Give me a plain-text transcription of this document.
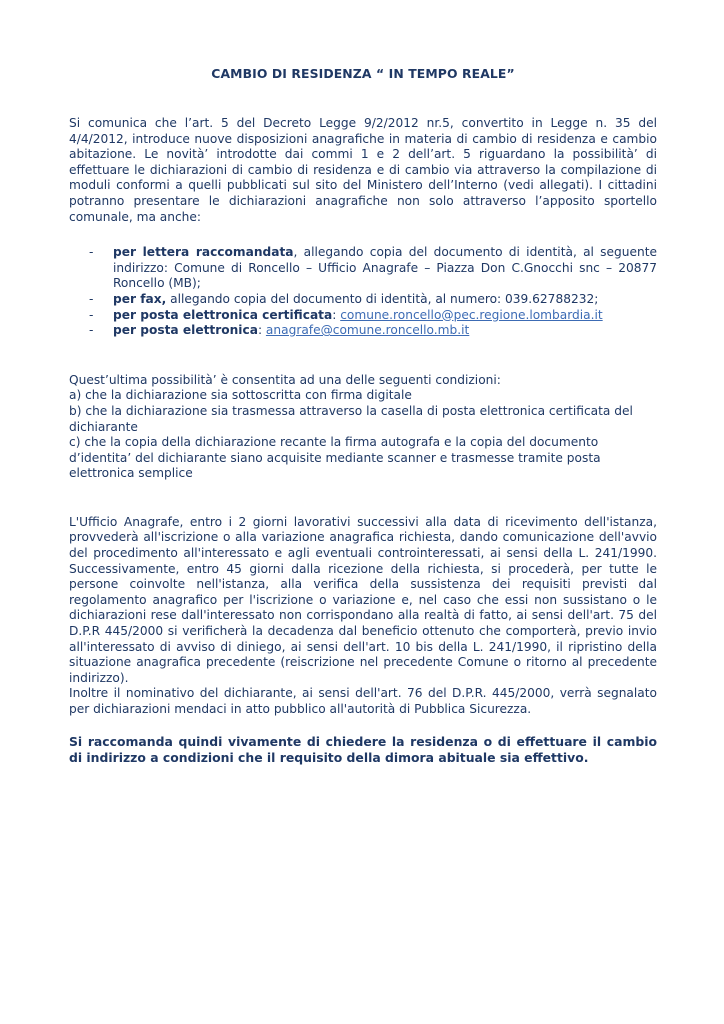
CAMBIO DI RESIDENZA “ IN TEMPO REALE”

Si comunica che l’art. 5 del Decreto Legge 9/2/2012 nr.5, convertito in Legge n. 35 del 4/4/2012, introduce nuove disposizioni anagrafiche in materia di cambio di residenza e cambio abitazione. Le novità’ introdotte dai commi 1 e 2 dell’art. 5 riguardano la possibilità’ di effettuare le dichiarazioni di cambio di residenza e di cambio via attraverso la compilazione di moduli conformi a quelli pubblicati sul sito del Ministero dell’Interno (vedi allegati). I cittadini potranno presentare le dichiarazioni anagrafiche non solo attraverso l’apposito sportello comunale, ma anche:

- per lettera raccomandata, allegando copia del documento di identità, al seguente indirizzo: Comune di Roncello – Ufficio Anagrafe – Piazza Don C.Gnocchi snc – 20877 Roncello (MB);
- per fax, allegando copia del documento di identità, al numero: 039.62788232;
- per posta elettronica certificata: comune.roncello@pec.regione.lombardia.it
- per posta elettronica: anagrafe@comune.roncello.mb.it

Quest’ultima possibilità’ è consentita ad una delle seguenti condizioni:

a) che la dichiarazione sia sottoscritta con firma digitale

b) che la dichiarazione sia trasmessa attraverso la casella di posta elettronica certificata del dichiarante

c) che la copia della dichiarazione recante la firma autografa e la copia del documento d’identita’ del dichiarante siano acquisite mediante scanner e trasmesse tramite posta elettronica semplice

L'Ufficio Anagrafe, entro i 2 giorni lavorativi successivi alla data di ricevimento dell'istanza, provvederà all'iscrizione o alla variazione anagrafica richiesta, dando comunicazione dell'avvio del procedimento all'interessato e agli eventuali controinteressati, ai sensi della L. 241/1990. Successivamente, entro 45 giorni dalla ricezione della richiesta, si procederà, per tutte le persone coinvolte nell'istanza, alla verifica della sussistenza dei requisiti previsti dal regolamento anagrafico per l'iscrizione o variazione e, nel caso che essi non sussistano o le dichiarazioni rese dall'interessato non corrispondano alla realtà di fatto, ai sensi dell'art. 75 del D.P.R 445/2000 si verificherà la decadenza dal beneficio ottenuto che comporterà, previo invio all'interessato di avviso di diniego, ai sensi dell'art. 10 bis della L. 241/1990, il ripristino della situazione anagrafica precedente (reiscrizione nel precedente Comune o ritorno al precedente indirizzo).

Inoltre il nominativo del dichiarante, ai sensi dell'art. 76 del D.P.R. 445/2000, verrà segnalato per dichiarazioni mendaci in atto pubblico all'autorità di Pubblica Sicurezza.

Si raccomanda quindi vivamente di chiedere la residenza o di effettuare il cambio di indirizzo a condizioni che il requisito della dimora abituale sia effettivo.
